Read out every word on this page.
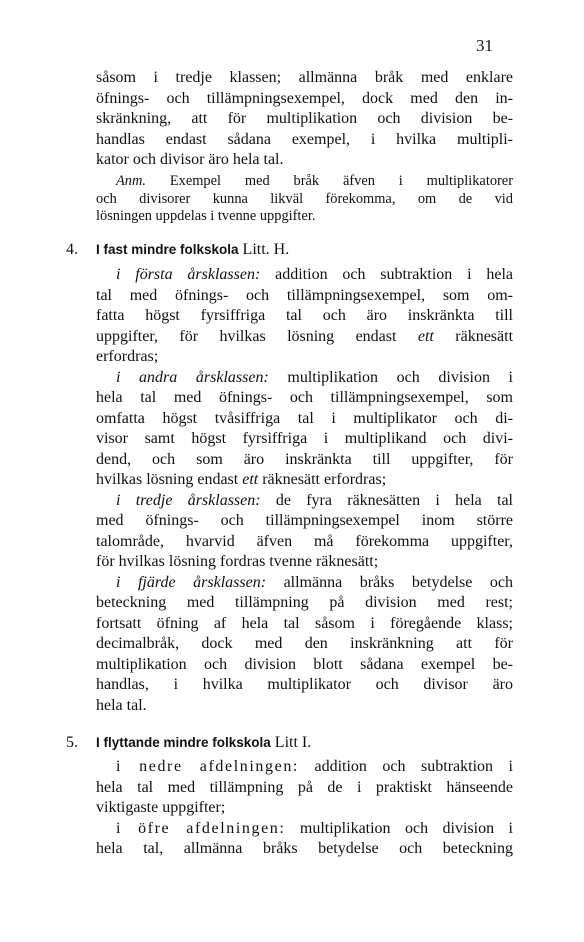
31
såsom i tredje klassen; allmänna bråk med enklare
öfnings- och tillämpningsexempel, dock med den in-
skränkning, att för multiplikation och division be-
handlas endast sådana exempel, i hvilka multipli-
kator och divisor äro hela tal.
Anm. Exempel med bråk äfven i multiplikatorer
och divisorer kunna likväl förekomma, om de vid
lösningen uppdelas i tvenne uppgifter.
4. I fast mindre folkskola Litt. H.
i första årsklassen: addition och subtraktion i hela
tal med öfnings- och tillämpningsexempel, som om-
fatta högst fyrsiffriga tal och äro inskränkta till
uppgifter, för hvilkas lösning endast ett räknesätt
erfordras;
i andra årsklassen: multiplikation och division i
hela tal med öfnings- och tillämpningsexempel, som
omfatta högst tvåsiffriga tal i multiplikator och di-
visor samt högst fyrsiffriga i multiplikand och divi-
dend, och som äro inskränkta till uppgifter, för
hvilkas lösning endast ett räknesätt erfordras;
i tredje årsklassen: de fyra räknesätten i hela tal
med öfnings- och tillämpningsexempel inom större
talområde, hvarvid äfven må förekomma uppgifter,
för hvilkas lösning fordras tvenne räknesätt;
i fjärde årsklassen: allmänna bråks betydelse och
beteckning med tillämpning på division med rest;
fortsatt öfning af hela tal såsom i föregående klass;
decimalbråk, dock med den inskränkning att för
multiplikation och division blott sådana exempel be-
handlas, i hvilka multiplikator och divisor äro
hela tal.
5. I flyttande mindre folkskola Litt I.
i nedre afdelningen: addition och subtraktion i
hela tal med tillämpning på de i praktiskt hänseende
viktigaste uppgifter;
i öfre afdelningen: multiplikation och division i
hela tal, allmänna bråks betydelse och beteckning
